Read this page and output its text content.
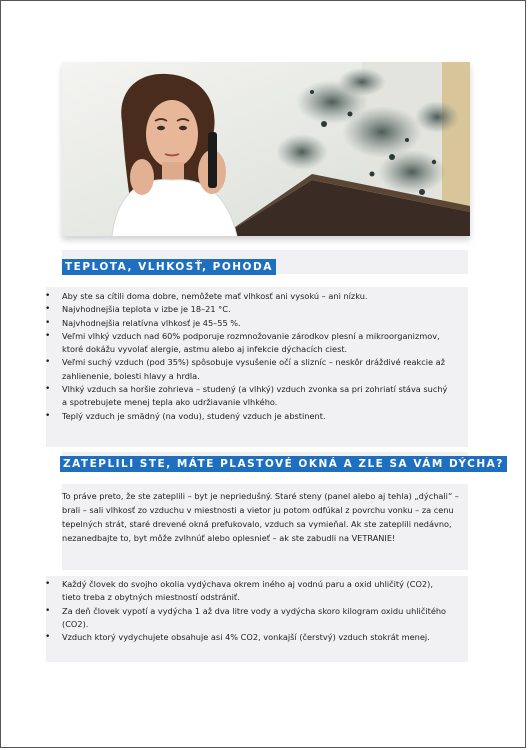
TEPLOTA, VLHKOSŤ, POHODA
• Aby ste sa cítili doma dobre, nemôžete mať vlhkosť ani vysokú – ani nízku.
• Najvhodnejšia teplota v izbe je 18–21 °C.
• Najvhodnejšia relatívna vlhkosť je 45–55 %.
• Veľmi vlhký vzduch nad 60% podporuje rozmnožovanie zárodkov plesní a mikroorganizmov, ktoré dokážu vyvolať alergie, astmu alebo aj infekcie dýchacích ciest.
• Veľmi suchý vzduch (pod 35%) spôsobuje vysušenie očí a slizníc – neskôr dráždivé reakcie až zahlienenie, bolesti hlavy a hrdla.
• Vlhký vzduch sa horšie zohrieva – studený (a vlhký) vzduch zvonka sa pri zohriatí stáva suchý a spotrebujete menej tepla ako udržiavanie vlhkého.
• Teplý vzduch je smädný (na vodu), studený vzduch je abstinent.
ZATEPLILI STE, MÁTE PLASTOVÉ OKNÁ A ZLE SA VÁM DÝCHA?
To práve preto, že ste zateplili – byt je nepriedušný. Staré steny (panel alebo aj tehla) „dýchali“ – brali – sali vlhkosť zo vzduchu v miestnosti a vietor ju potom odfúkal z povrchu vonku – za cenu tepelných strát, staré drevené okná prefukovalo, vzduch sa vymieňal. Ak ste zateplili nedávno, nezanedbajte to, byt môže zvlhnúť alebo oplesnieť – ak ste zabudli na VETRANIE!
• Každý človek do svojho okolia vydýchava okrem iného aj vodnú paru a oxid uhličitý (CO2), tieto treba z obytných miestností odstrániť.
• Za deň človek vypotí a vydýcha 1 až dva litre vody a vydýcha skoro kilogram oxidu uhličitého (CO2).
• Vzduch ktorý vydychujete obsahuje asi 4% CO2, vonkajší (čerstvý) vzduch stokrát menej.
